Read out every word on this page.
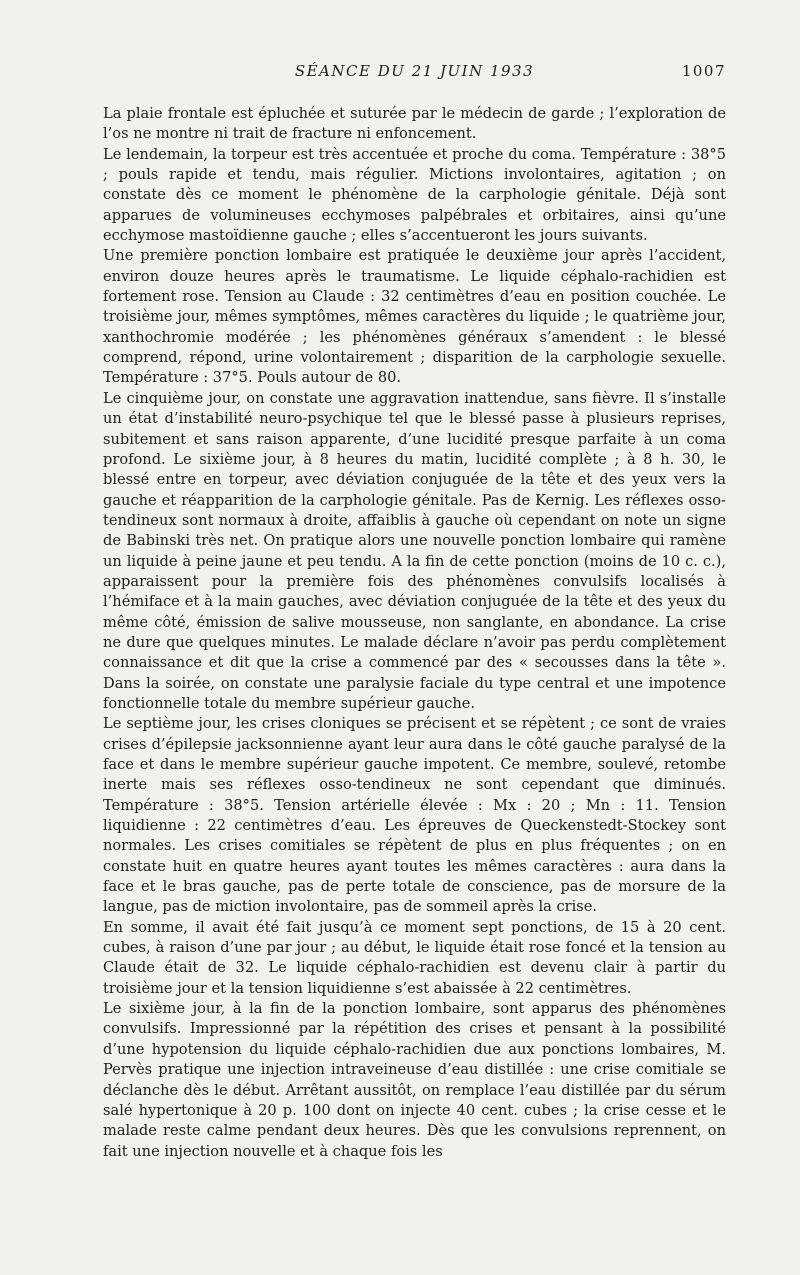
SÉANCE DU 21 JUIN 1933	1007

La plaie frontale est épluchée et suturée par le médecin de garde ; l’exploration de l’os ne montre ni trait de fracture ni enfoncement.

Le lendemain, la torpeur est très accentuée et proche du coma. Température : 38°5 ; pouls rapide et tendu, mais régulier. Mictions involontaires, agitation ; on constate dès ce moment le phénomène de la carphologie génitale. Déjà sont apparues de volumineuses ecchymoses palpébrales et orbitaires, ainsi qu’une ecchymose mastoïdienne gauche ; elles s’accentueront les jours suivants.

Une première ponction lombaire est pratiquée le deuxième jour après l’accident, environ douze heures après le traumatisme. Le liquide céphalo-rachidien est fortement rose. Tension au Claude : 32 centimètres d’eau en position couchée. Le troisième jour, mêmes symptômes, mêmes caractères du liquide ; le quatrième jour, xanthochromie modérée ; les phénomènes généraux s’amendent : le blessé comprend, répond, urine volontairement ; disparition de la carphologie sexuelle. Température : 37°5. Pouls autour de 80.

Le cinquième jour, on constate une aggravation inattendue, sans fièvre. Il s’installe un état d’instabilité neuro-psychique tel que le blessé passe à plusieurs reprises, subitement et sans raison apparente, d’une lucidité presque parfaite à un coma profond. Le sixième jour, à 8 heures du matin, lucidité complète ; à 8 h. 30, le blessé entre en torpeur, avec déviation conjuguée de la tête et des yeux vers la gauche et réapparition de la carphologie génitale. Pas de Kernig. Les réflexes osso-tendineux sont normaux à droite, affaiblis à gauche où cependant on note un signe de Babinski très net. On pratique alors une nouvelle ponction lombaire qui ramène un liquide à peine jaune et peu tendu. A la fin de cette ponction (moins de 10 c. c.), apparaissent pour la première fois des phénomènes convulsifs localisés à l’hémiface et à la main gauches, avec déviation conjuguée de la tête et des yeux du même côté, émission de salive mousseuse, non sanglante, en abondance. La crise ne dure que quelques minutes. Le malade déclare n’avoir pas perdu complètement connaissance et dit que la crise a commencé par des « secousses dans la tête ». Dans la soirée, on constate une paralysie faciale du type central et une impotence fonctionnelle totale du membre supérieur gauche.

Le septième jour, les crises cloniques se précisent et se répètent ; ce sont de vraies crises d’épilepsie jacksonnienne ayant leur aura dans le côté gauche paralysé de la face et dans le membre supérieur gauche impotent. Ce membre, soulevé, retombe inerte mais ses réflexes osso-tendineux ne sont cependant que diminués. Température : 38°5. Tension artérielle élevée : Mx : 20 ; Mn : 11. Tension liquidienne : 22 centimètres d’eau. Les épreuves de Queckenstedt-Stockey sont normales. Les crises comitiales se répètent de plus en plus fréquentes ; on en constate huit en quatre heures ayant toutes les mêmes caractères : aura dans la face et le bras gauche, pas de perte totale de conscience, pas de morsure de la langue, pas de miction involontaire, pas de sommeil après la crise.

En somme, il avait été fait jusqu’à ce moment sept ponctions, de 15 à 20 cent. cubes, à raison d’une par jour ; au début, le liquide était rose foncé et la tension au Claude était de 32. Le liquide céphalo-rachidien est devenu clair à partir du troisième jour et la tension liquidienne s’est abaissée à 22 centimètres.

Le sixième jour, à la fin de la ponction lombaire, sont apparus des phénomènes convulsifs. Impressionné par la répétition des crises et pensant à la possibilité d’une hypotension du liquide céphalo-rachidien due aux ponctions lombaires, M. Pervès pratique une injection intraveineuse d’eau distillée : une crise comitiale se déclanche dès le début. Arrêtant aussitôt, on remplace l’eau distillée par du sérum salé hypertonique à 20 p. 100 dont on injecte 40 cent. cubes ; la crise cesse et le malade reste calme pendant deux heures. Dès que les convulsions reprennent, on fait une injection nouvelle et à chaque fois les
